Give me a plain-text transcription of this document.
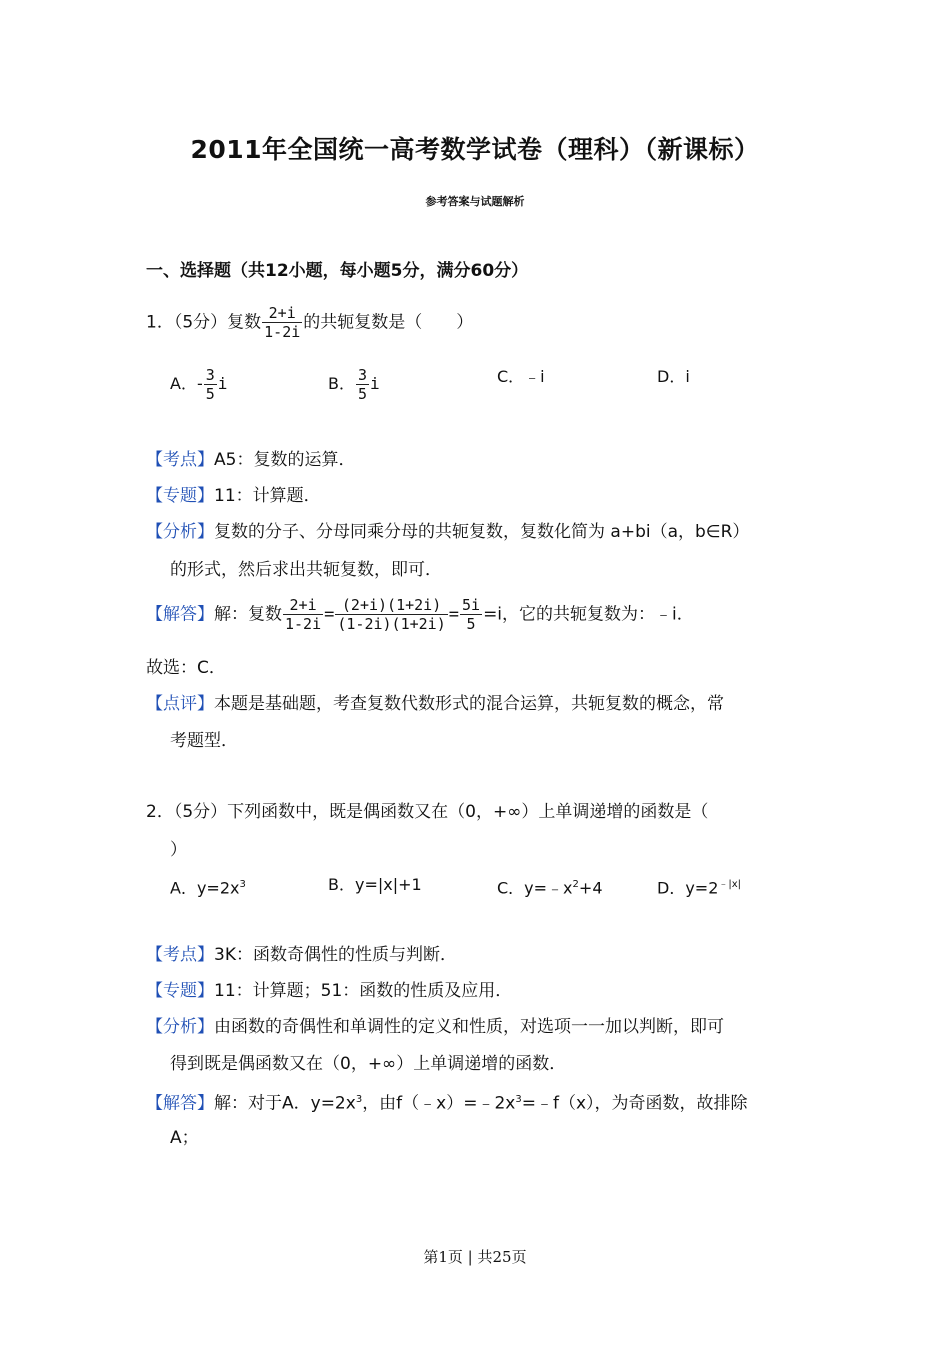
2011年全国统一高考数学试卷（理科）（新课标）
参考答案与试题解析
一、选择题（共12小题，每小题5分，满分60分）
1．（5分）复数 $\frac{2+i}{1-2i}$ 的共轭复数是（　　）
A．- $\frac{3}{5}$ i	B． $\frac{3}{5}$ i	C．﹣i	D．i
【考点】A5：复数的运算．
【专题】11：计算题．
【分析】复数的分子、分母同乘分母的共轭复数，复数化简为 a+bi（a，b∈R）
的形式，然后求出共轭复数，即可．
【解答】解：复数 $\frac{2+i}{1-2i} = \frac{(2+i)(1+2i)}{(1-2i)(1+2i)} = \frac{5i}{5} =i$，它的共轭复数为：﹣i．
故选：C．
【点评】本题是基础题，考查复数代数形式的混合运算，共轭复数的概念，常
考题型．
2．（5分）下列函数中，既是偶函数又在（0，+∞）上单调递增的函数是（
）
A．$y=2x^3$	B．y=|x|+1	C．$y=﹣x^2+4$	D．$y=2^{﹣|x|}$
【考点】3K：函数奇偶性的性质与判断．
【专题】11：计算题；51：函数的性质及应用．
【分析】由函数的奇偶性和单调性的定义和性质，对选项一一加以判断，即可
得到既是偶函数又在（0，+∞）上单调递增的函数．
【解答】解：对于A．$y=2x^3$，由$f(﹣x)=﹣2x^3=﹣f(x)$，为奇函数，故排除
A；
第1页 | 共25页
